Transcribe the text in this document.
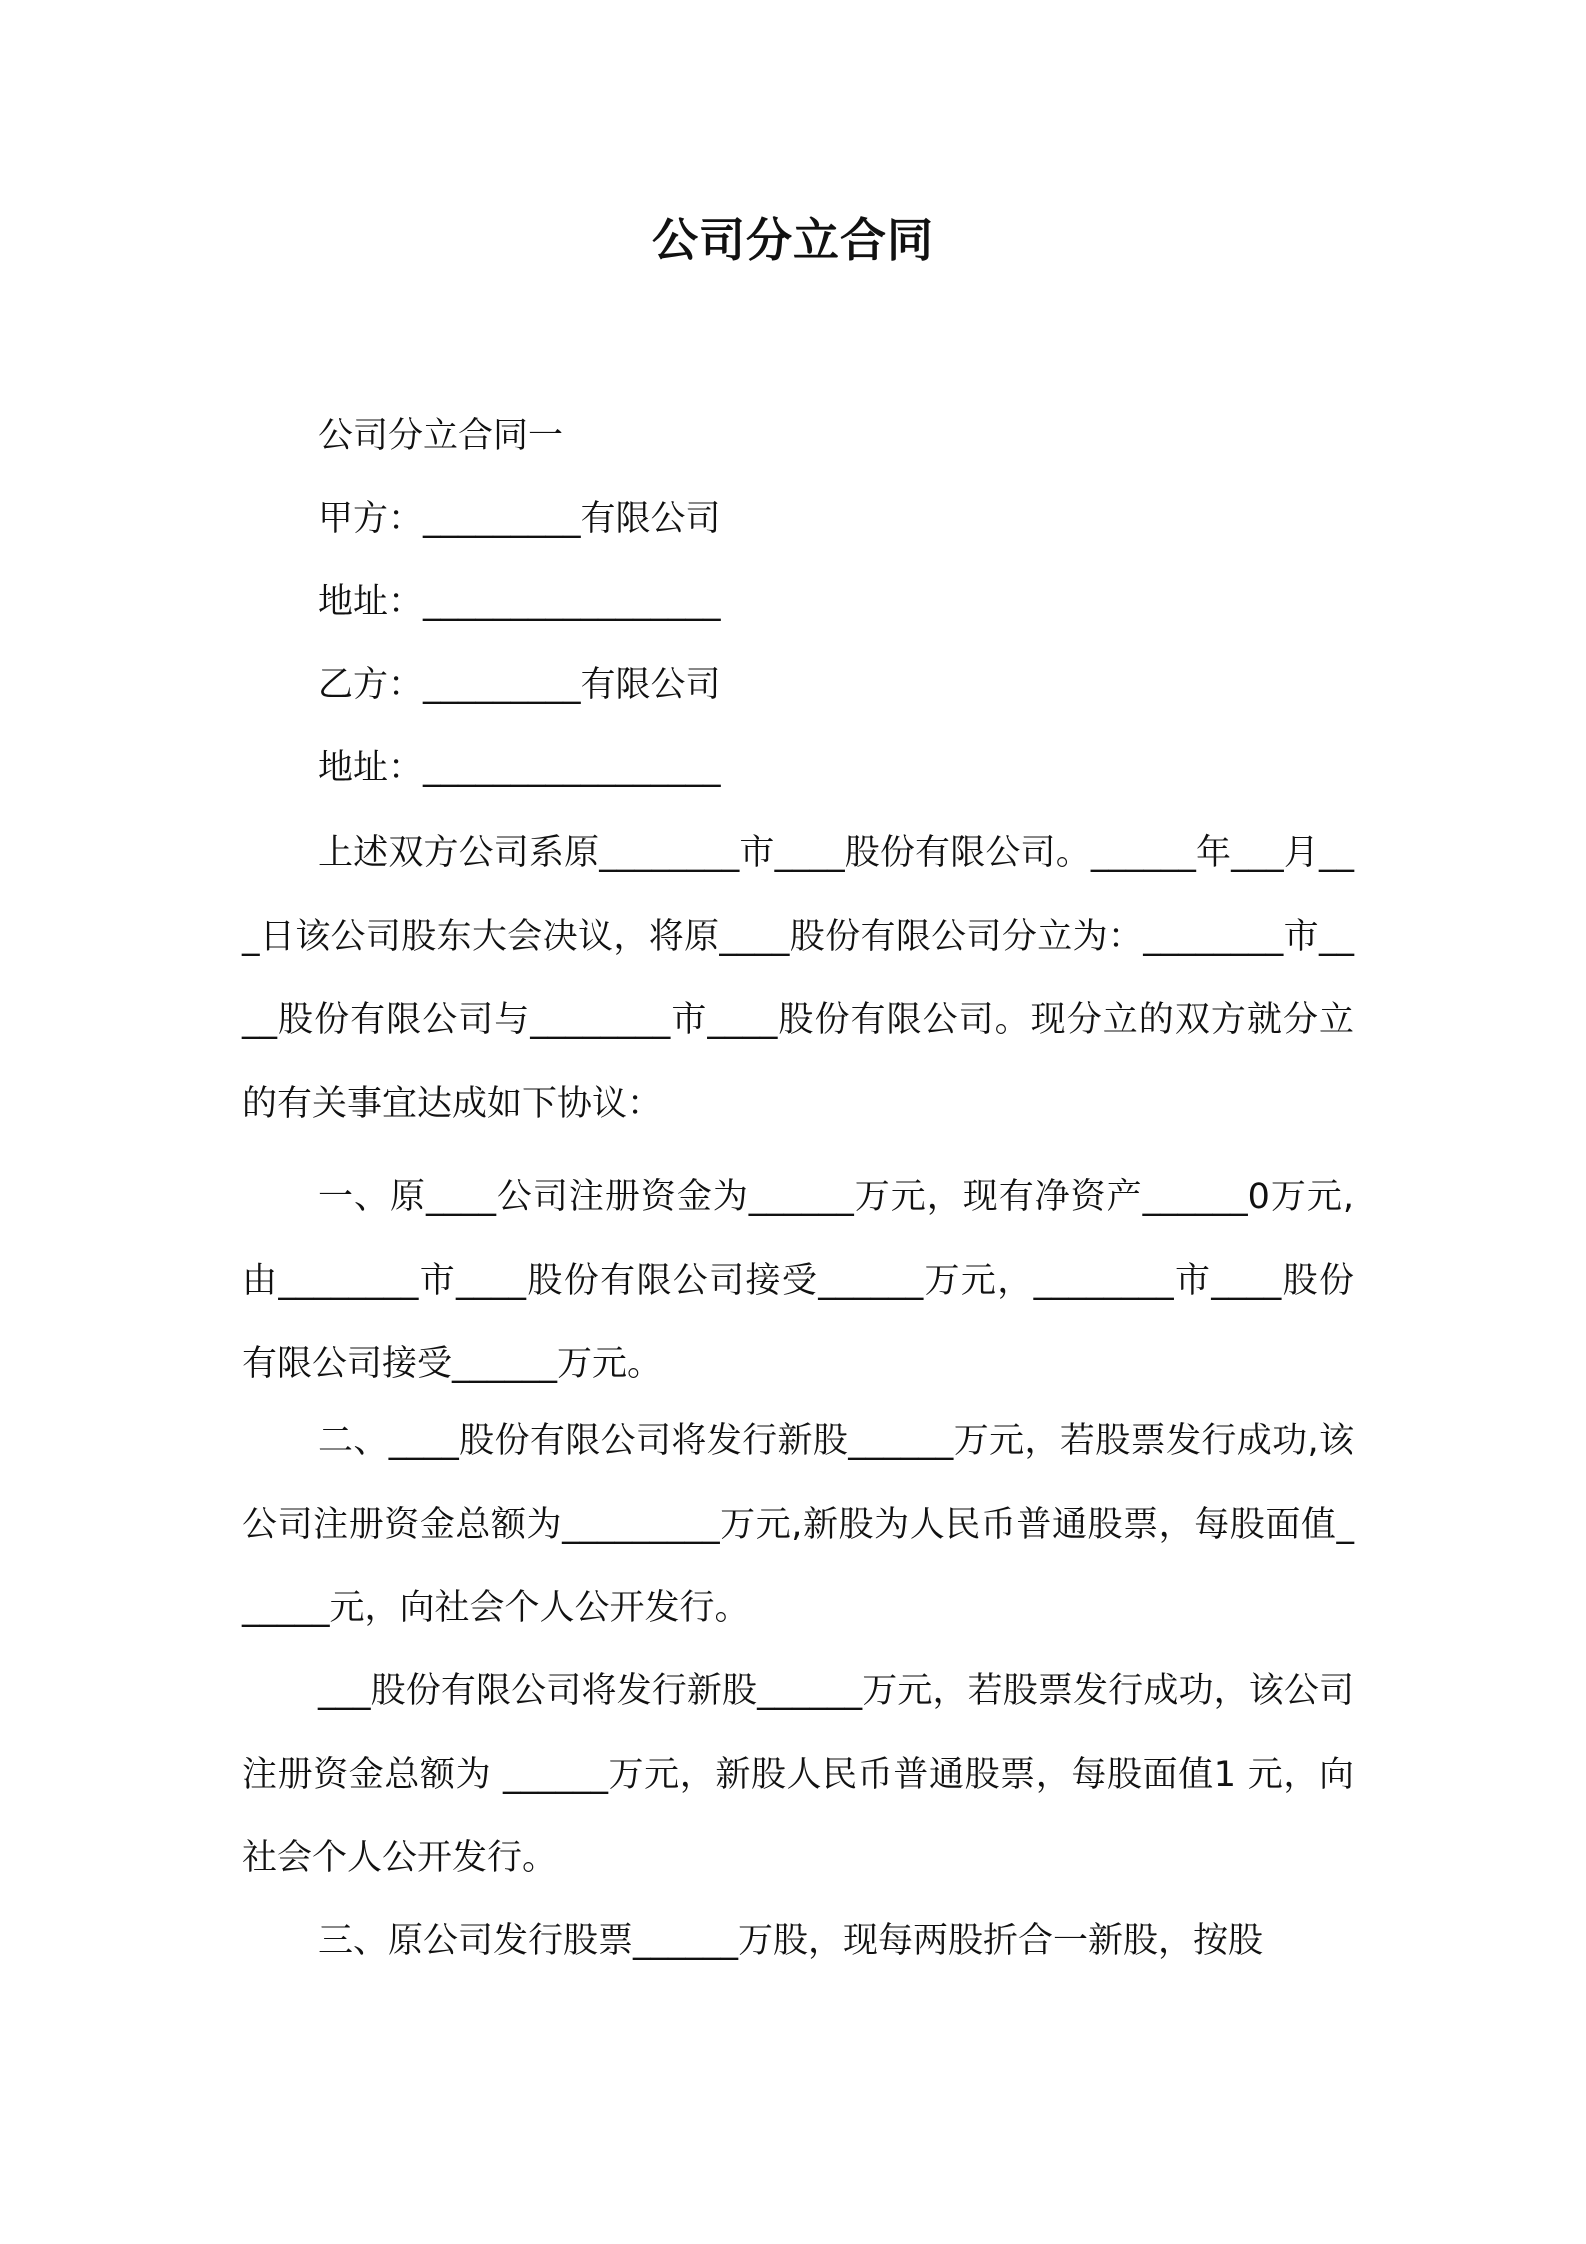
公司分立合同
公司分立合同一
甲方：_________有限公司
地址：_________________
乙方：_________有限公司
地址：_________________

上述双方公司系原________市____股份有限公司。______年___月___日该公司股东大会决议，将原____股份有限公司分立为：________市____股份有限公司与________市____股份有限公司。现分立的双方就分立的有关事宜达成如下协议：

一、原____公司注册资金为______万元，现有净资产______0万元,由________市____股份有限公司接受______万元，________市____股份有限公司接受______万元。

二、____股份有限公司将发行新股______万元，若股票发行成功,该公司注册资金总额为_________万元,新股为人民币普通股票，每股面值______元，向社会个人公开发行。

___股份有限公司将发行新股______万元，若股票发行成功，该公司注册资金总额为 ______万元，新股人民币普通股票，每股面值1 元，向社会个人公开发行。

三、原公司发行股票______万股，现每两股折合一新股，按股
